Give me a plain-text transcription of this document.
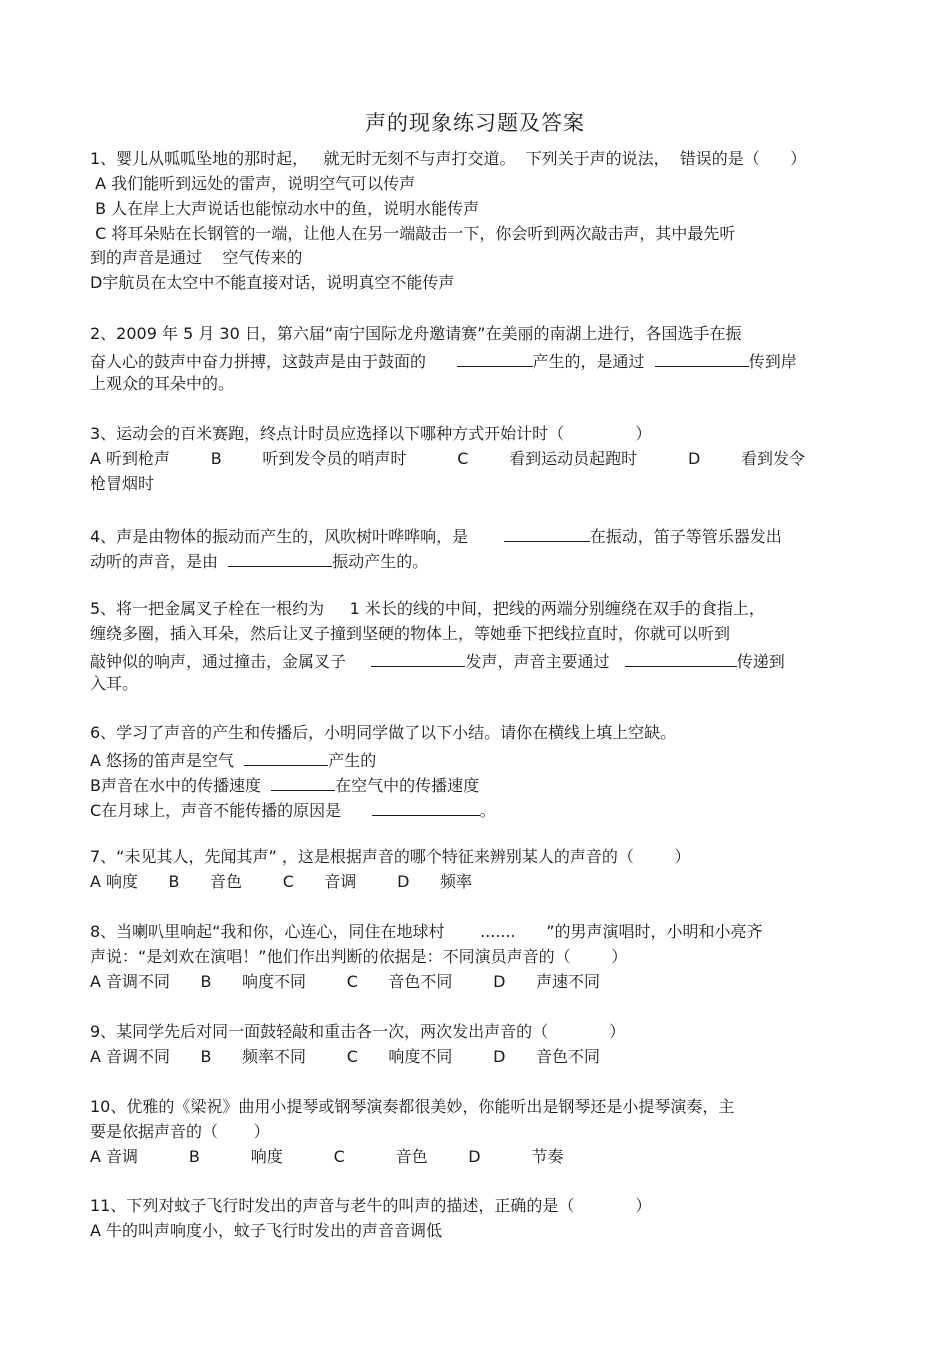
声的现象练习题及答案

1、婴儿从呱呱坠地的那时起，   就无时无刻不与声打交道。  下列关于声的说法，  错误的是（      ）

A 我们能听到远处的雷声，说明空气可以传声

B 人在岸上大声说话也能惊动水中的鱼，说明水能传声

C 将耳朵贴在长钢管的一端，让他人在另一端敲击一下，你会听到两次敲击声，其中最先听

到的声音是通过    空气传来的

D宇航员在太空中不能直接对话，说明真空不能传声

2、2009 年 5 月 30 日，第六届“南宁国际龙舟邀请赛”在美丽的南湖上进行，各国选手在振

奋人心的鼓声中奋力拼搏，这鼓声是由于鼓面的	产生的，是通过	传到岸

上观众的耳朵中的。

3、运动会的百米赛跑，终点计时员应选择以下哪种方式开始计时（              ）

A 听到枪声        B        听到发令员的哨声时          C        看到运动员起跑时          D        看到发令

枪冒烟时

4、声是由物体的振动而产生的，风吹树叶哗哗响，是	在振动，笛子等管乐器发出

动听的声音，是由	振动产生的。

5、将一把金属叉子栓在一根约为     1 米长的线的中间，把线的两端分别缠绕在双手的食指上，

缠绕多圈，插入耳朵，然后让叉子撞到坚硬的物体上，等她垂下把线拉直时，你就可以听到

敲钟似的响声，通过撞击，金属叉子	发声，声音主要通过	传递到

入耳。

6、学习了声音的产生和传播后，小明同学做了以下小结。请你在横线上填上空缺。

A 悠扬的笛声是空气	产生的

B声音在水中的传播速度	在空气中的传播速度

C在月球上，声音不能传播的原因是	。

7、“未见其人，先闻其声” ，这是根据声音的哪个特征来辨别某人的声音的（        ）

A 响度      B      音色        C      音调        D      频率

8、当喇叭里响起“我和你，心连心，同住在地球村       .......      ”的男声演唱时，小明和小亮齐

声说：“是刘欢在演唱！”他们作出判断的依据是：不同演员声音的（        ）

A 音调不同      B      响度不同        C      音色不同        D      声速不同

9、某同学先后对同一面鼓轻敲和重击各一次，两次发出声音的（            ）

A 音调不同      B      频率不同        C      响度不同        D      音色不同

10、优雅的《梁祝》曲用小提琴或钢琴演奏都很美妙，你能听出是钢琴还是小提琴演奏，主

要是依据声音的（       ）

A 音调          B          响度          C          音色        D          节奏

11、下列对蚊子飞行时发出的声音与老牛的叫声的描述，正确的是（            ）

A 牛的叫声响度小，蚊子飞行时发出的声音音调低
